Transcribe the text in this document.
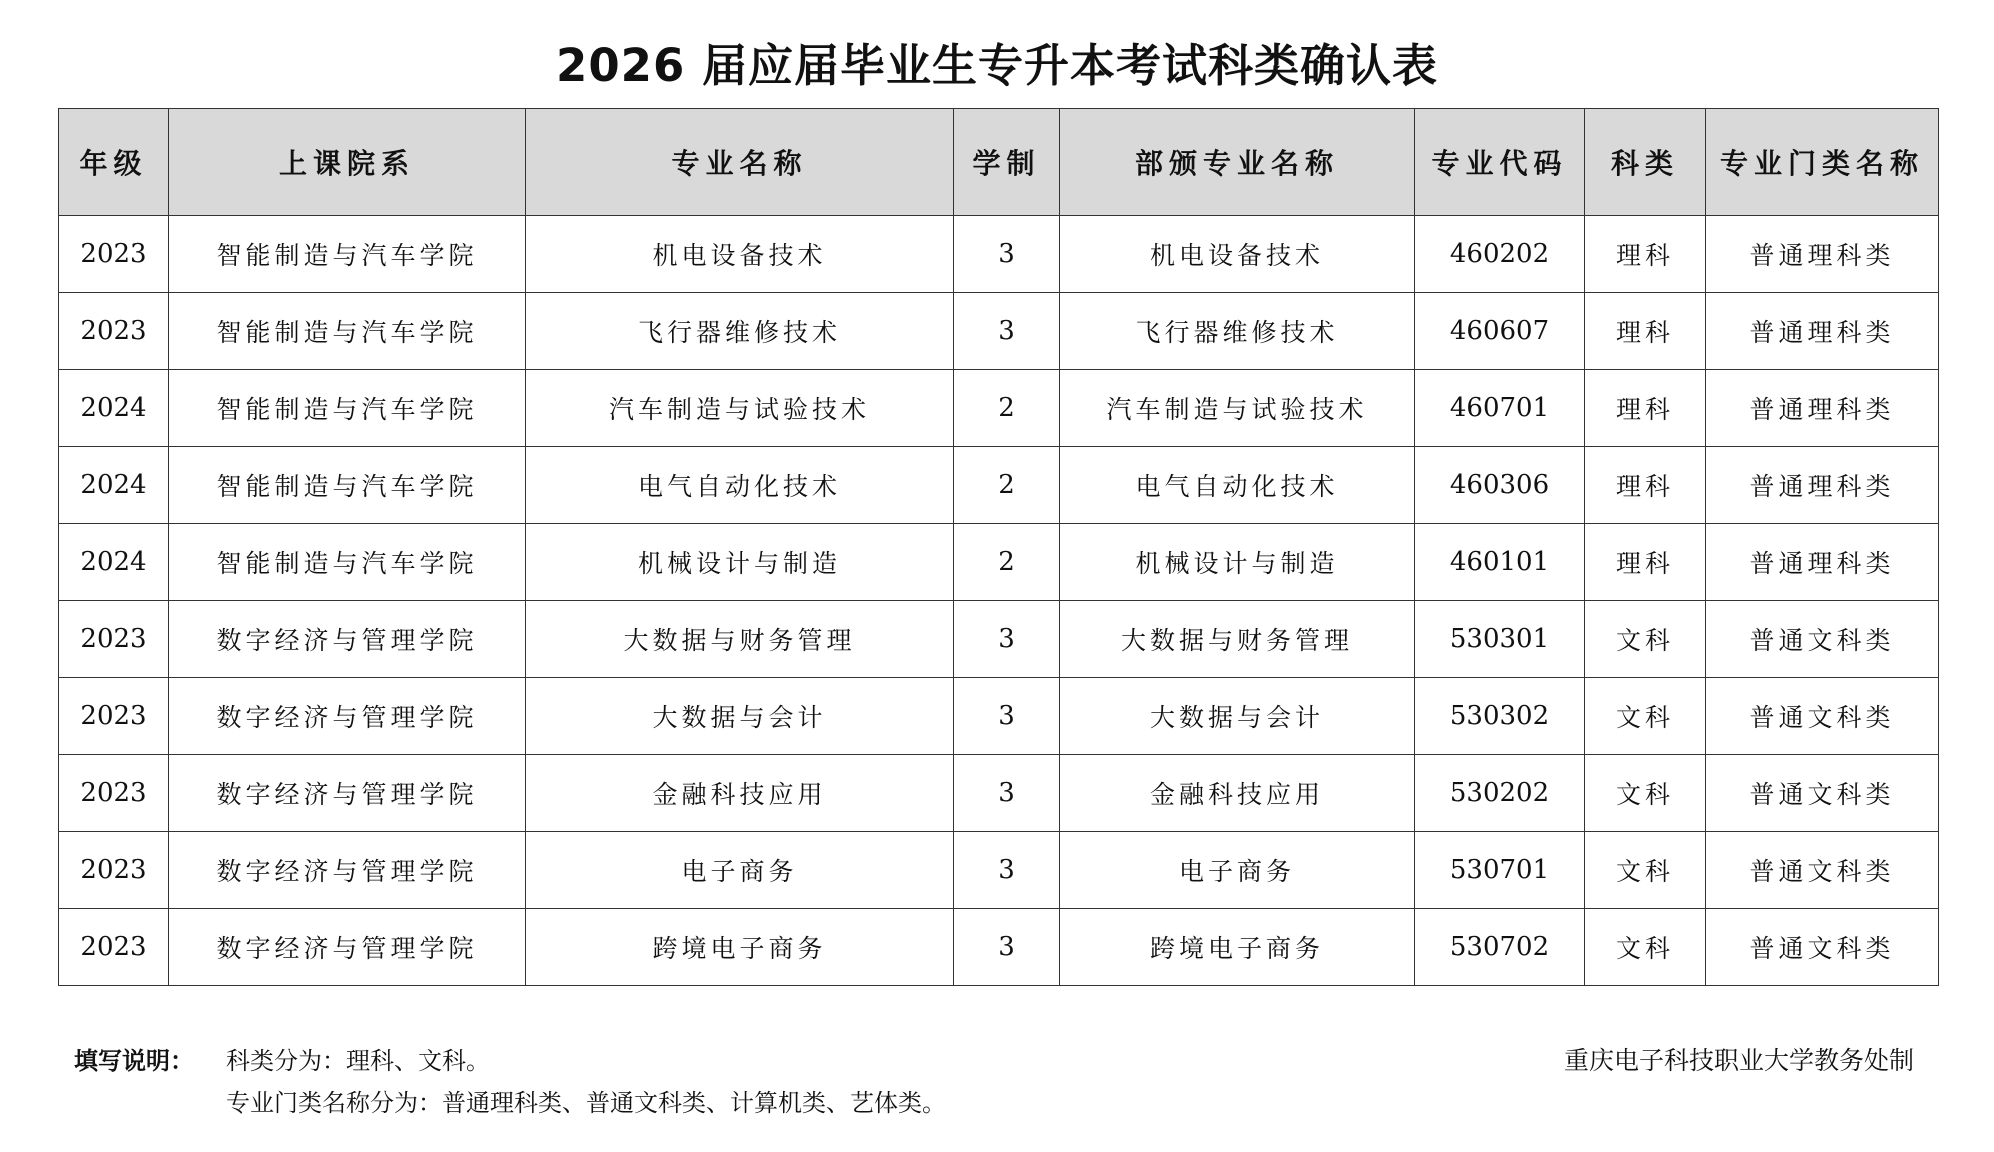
2026 届应届毕业生专升本考试科类确认表
年级	上课院系	专业名称	学制	部颁专业名称	专业代码	科类	专业门类名称
2023	智能制造与汽车学院	机电设备技术	3	机电设备技术	460202	理科	普通理科类
2023	智能制造与汽车学院	飞行器维修技术	3	飞行器维修技术	460607	理科	普通理科类
2024	智能制造与汽车学院	汽车制造与试验技术	2	汽车制造与试验技术	460701	理科	普通理科类
2024	智能制造与汽车学院	电气自动化技术	2	电气自动化技术	460306	理科	普通理科类
2024	智能制造与汽车学院	机械设计与制造	2	机械设计与制造	460101	理科	普通理科类
2023	数字经济与管理学院	大数据与财务管理	3	大数据与财务管理	530301	文科	普通文科类
2023	数字经济与管理学院	大数据与会计	3	大数据与会计	530302	文科	普通文科类
2023	数字经济与管理学院	金融科技应用	3	金融科技应用	530202	文科	普通文科类
2023	数字经济与管理学院	电子商务	3	电子商务	530701	文科	普通文科类
2023	数字经济与管理学院	跨境电子商务	3	跨境电子商务	530702	文科	普通文科类
填写说明： 科类分为：理科、文科。
专业门类名称分为：普通理科类、普通文科类、计算机类、艺体类。
重庆电子科技职业大学教务处制
